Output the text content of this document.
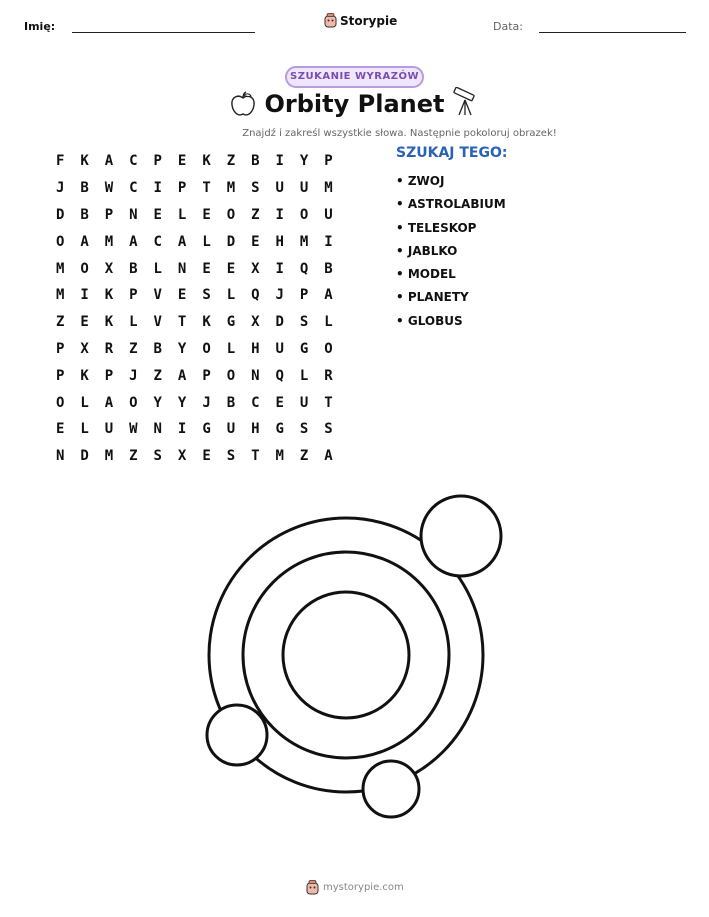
Imię:	Storypie	Data:
SZUKANIE WYRAZÓW
Orbity Planet
Znajdź i zakreśl wszystkie słowa. Następnie pokoloruj obrazek!
F	K	A	C	P	E	K	Z	B	I	Y	P
J	B	W	C	I	P	T	M	S	U	U	M
D	B	P	N	E	L	E	O	Z	I	O	U
O	A	M	A	C	A	L	D	E	H	M	I
M	O	X	B	L	N	E	E	X	I	Q	B
M	I	K	P	V	E	S	L	Q	J	P	A
Z	E	K	L	V	T	K	G	X	D	S	L
P	X	R	Z	B	Y	O	L	H	U	G	O
P	K	P	J	Z	A	P	O	N	Q	L	R
O	L	A	O	Y	Y	J	B	C	E	U	T
E	L	U	W	N	I	G	U	H	G	S	S
N	D	M	Z	S	X	E	S	T	M	Z	A
SZUKAJ TEGO:
• ZWOJ
• ASTROLABIUM
• TELESKOP
• JABLKO
• MODEL
• PLANETY
• GLOBUS
mystorypie.com
